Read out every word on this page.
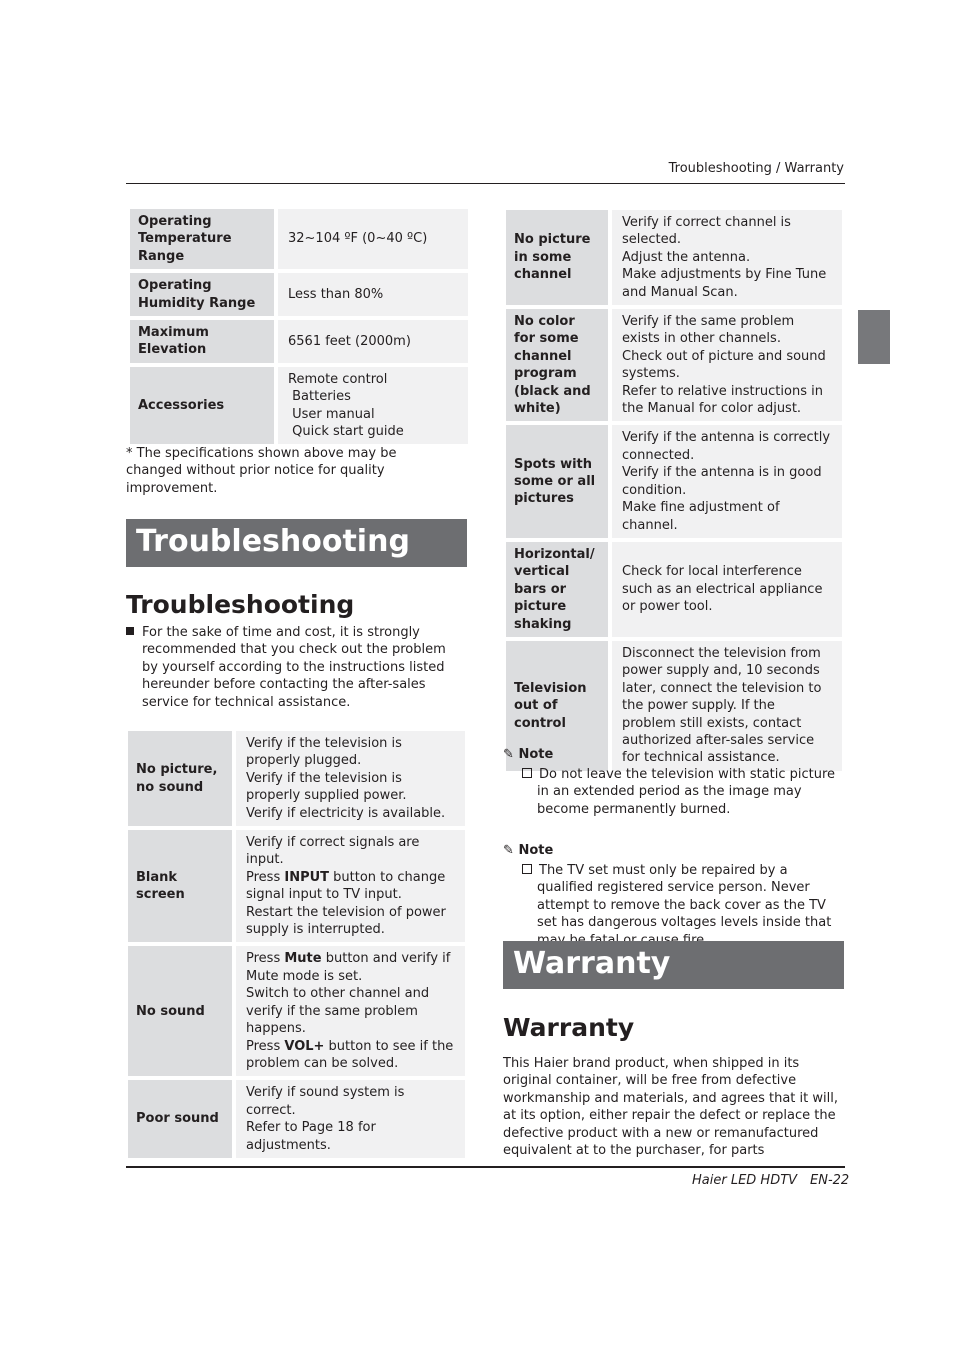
Troubleshooting / Warranty
Operating Temperature Range	32~104 ºF (0~40 ºC)

Operating Humidity Range	Less than 80%

Maximum Elevation	6561 feet (2000m)

Accessories	Remote control
Batteries
User manual
Quick start guide
* The specifications shown above may be changed without prior notice for quality improvement.
Troubleshooting
Troubleshooting
For the sake of time and cost, it is strongly recommended that you check out the problem by yourself according to the instructions listed hereunder before contacting the after-sales service for technical assistance.
No picture, no sound	Verify if the television is properly plugged.
Verify if the television is properly supplied power.
Verify if electricity is available.

Blank screen	Verify if correct signals are input.
Press INPUT button to change signal input to TV input.
Restart the television of power supply is interrupted.

No sound	Press Mute button and verify if Mute mode is set.
Switch to other channel and verify if the same problem happens.
Press VOL+ button to see if the problem can be solved.

Poor sound	Verify if sound system is correct.
Refer to Page 18 for adjustments.
No picture in some channel	Verify if correct channel is selected.
Adjust the antenna.
Make adjustments by Fine Tune and Manual Scan.

No color for some channel program (black and white)	Verify if the same problem exists in other channels.
Check out of picture and sound systems.
Refer to relative instructions in the Manual for color adjust.

Spots with some or all pictures	Verify if the antenna is correctly connected.
Verify if the antenna is in good condition.
Make fine adjustment of channel.

Horizontal/ vertical bars or picture shaking	Check for local interference such as an electrical appliance or power tool.

Television out of control	Disconnect the television from power supply and, 10 seconds later, connect the television to the power supply. If the problem still exists, contact authorized after-sales service for technical assistance.
✎ Note
Do not leave the television with static picture in an extended period as the image may become permanently burned.
✎ Note
The TV set must only be repaired by a qualified registered service person. Never attempt to remove the back cover as the TV set has dangerous voltages levels inside that
Warranty
Warranty
This Haier brand product, when shipped in its original container, will be free from defective workmanship and materials, and agrees that it will, at its option, either repair the defect or replace the defective product with a new or remanufactured equivalent at to the purchaser, for parts
Haier LED HDTV EN-22
